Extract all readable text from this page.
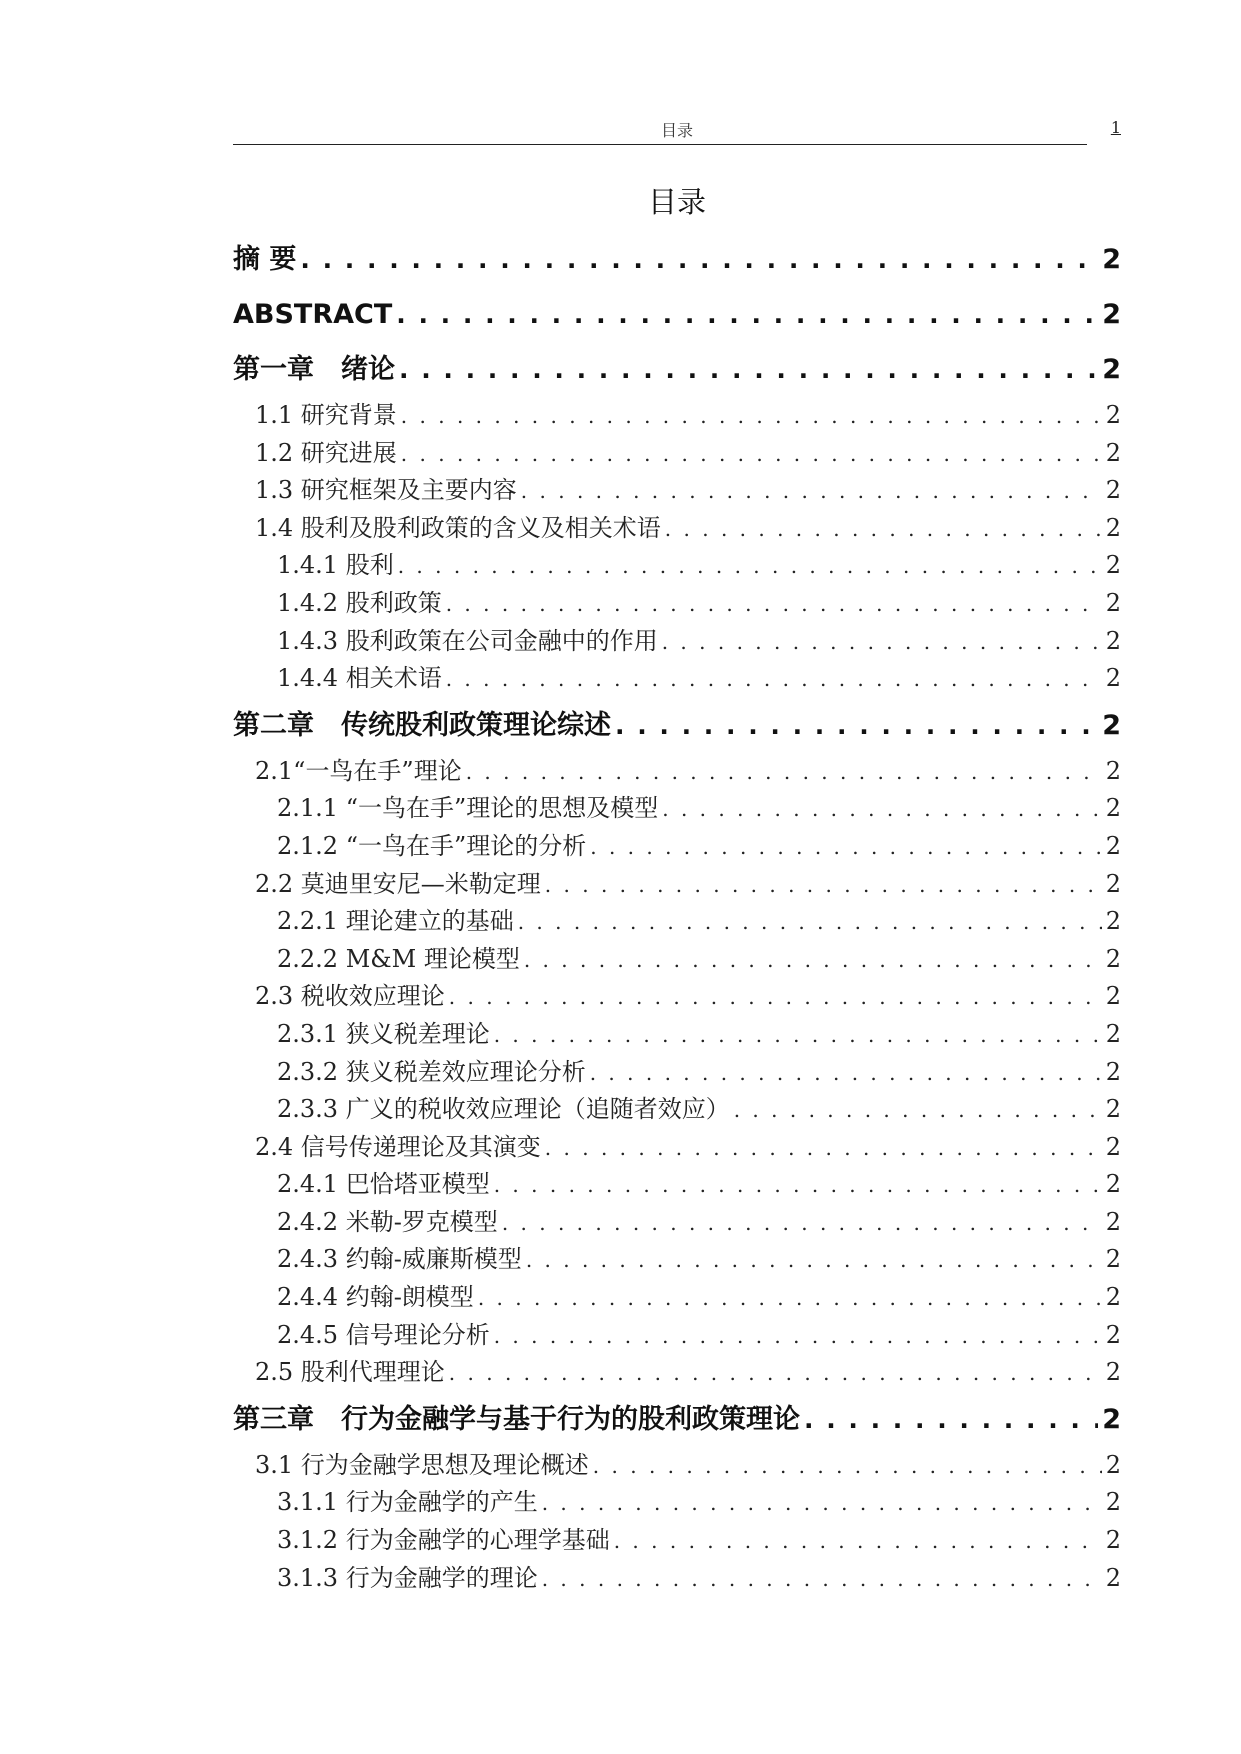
目录	1
目录
摘 要 . . .	2
ABSTRACT . . .	2
第一章　绪论 . . .	2
1.1 研究背景 . . .	2
1.2 研究进展 . . .	2
1.3 研究框架及主要内容 . . .	2
1.4 股利及股利政策的含义及相关术语 . . .	2
1.4.1 股利 . . .	2
1.4.2 股利政策 . . .	2
1.4.3 股利政策在公司金融中的作用 . . .	2
1.4.4 相关术语 . . .	2
第二章　传统股利政策理论综述 . . .	2
2.1“一鸟在手”理论 . . .	2
2.1.1 “一鸟在手”理论的思想及模型 . . .	2
2.1.2 “一鸟在手”理论的分析 . . .	2
2.2 莫迪里安尼—米勒定理 . . .	2
2.2.1 理论建立的基础 . . .	2
2.2.2 M&M 理论模型 . . .	2
2.3 税收效应理论 . . .	2
2.3.1 狭义税差理论 . . .	2
2.3.2 狭义税差效应理论分析 . . .	2
2.3.3 广义的税收效应理论（追随者效应） . . .	2
2.4 信号传递理论及其演变 . . .	2
2.4.1 巴恰塔亚模型 . . .	2
2.4.2 米勒-罗克模型 . . .	2
2.4.3 约翰-威廉斯模型 . . .	2
2.4.4 约翰-朗模型 . . .	2
2.4.5 信号理论分析 . . .	2
2.5 股利代理理论 . . .	2
第三章　行为金融学与基于行为的股利政策理论 . . .	2
3.1 行为金融学思想及理论概述 . . .	2
3.1.1 行为金融学的产生 . . .	2
3.1.2 行为金融学的心理学基础 . . .	2
3.1.3 行为金融学的理论 . . .	2
